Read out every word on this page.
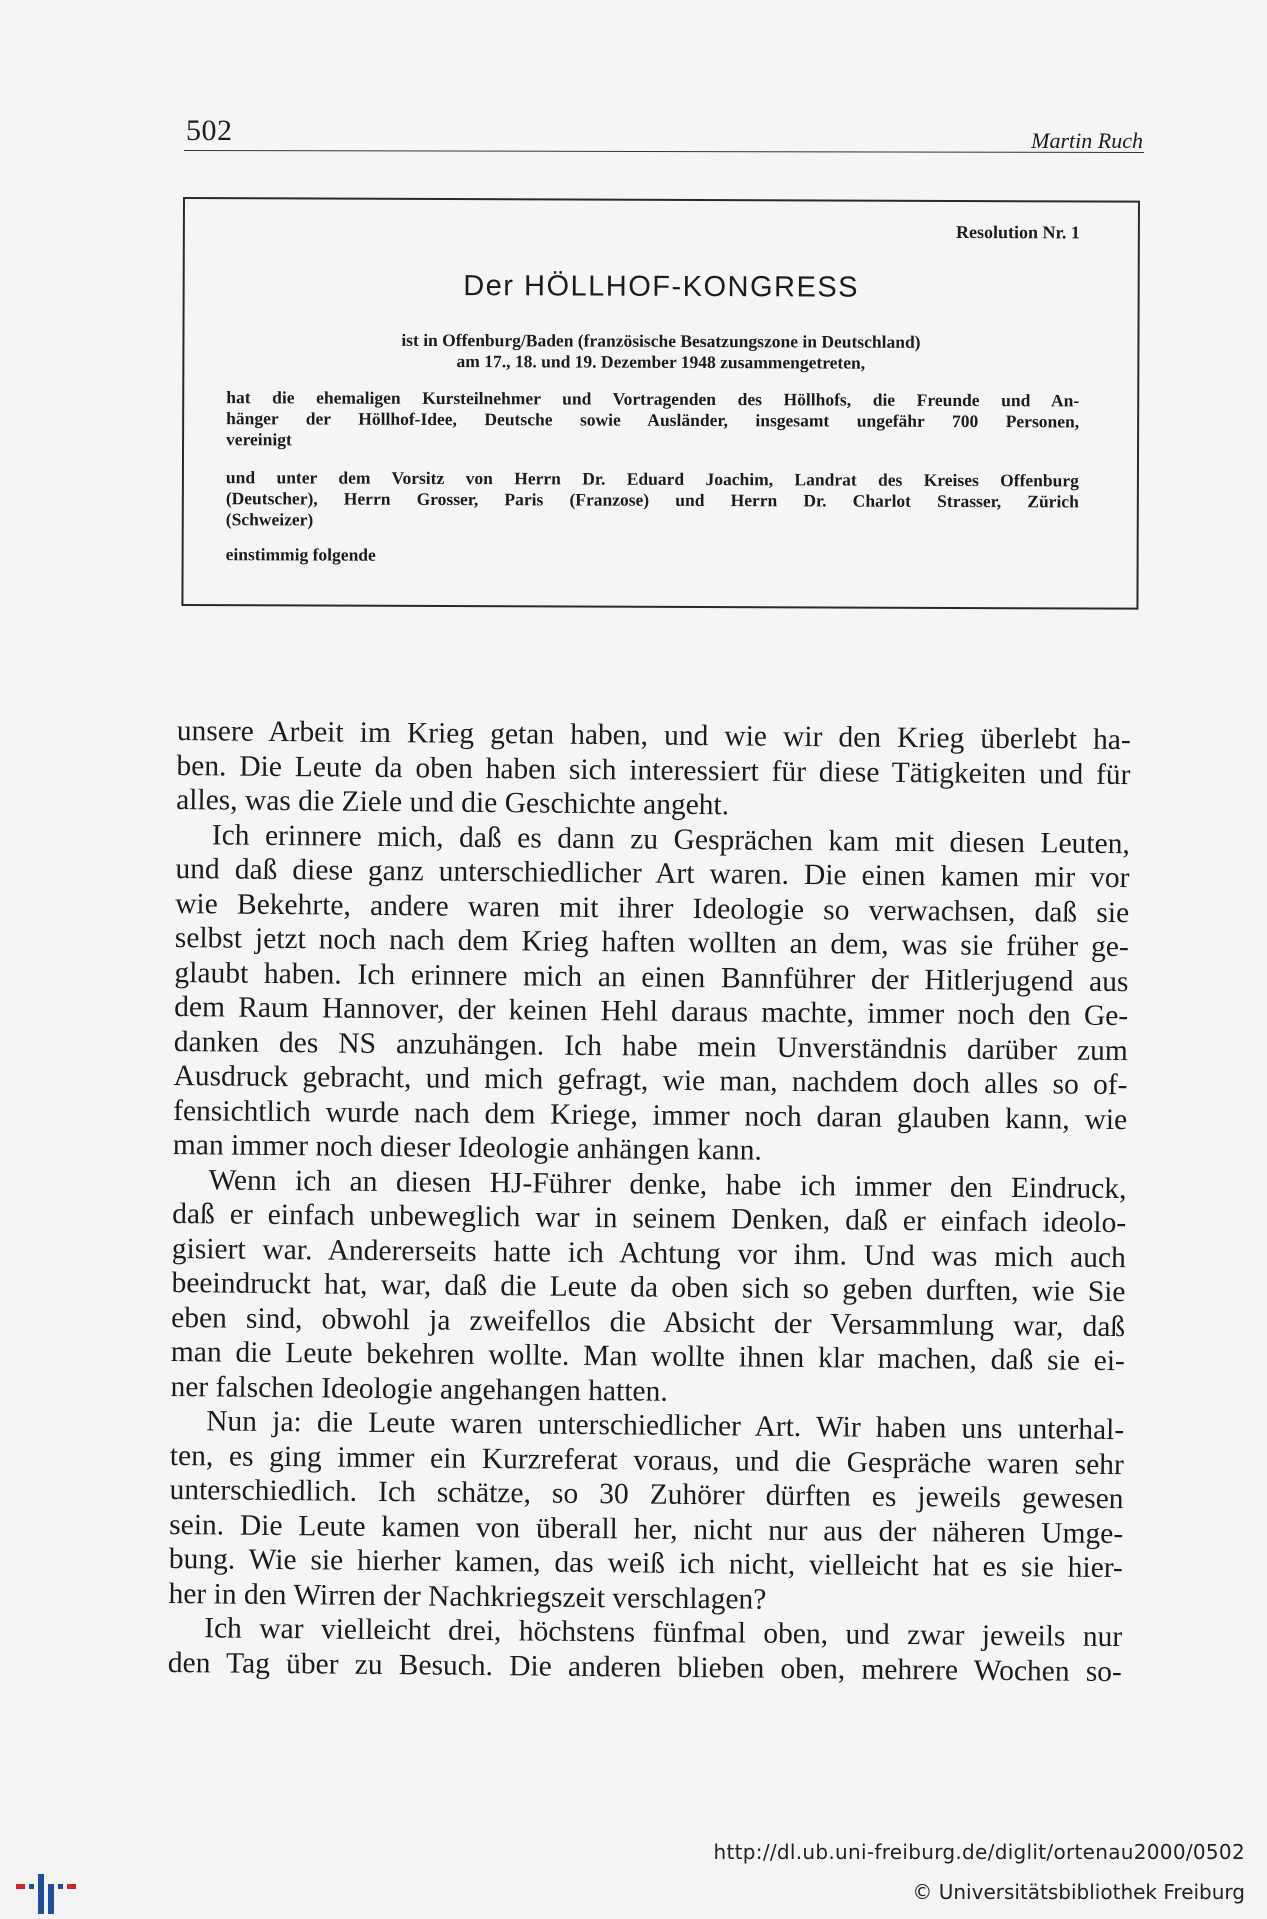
502	Martin Ruch
Resolution Nr. 1
Der HÖLLHOF-KONGRESS
ist in Offenburg/Baden (französische Besatzungszone in Deutschland)
am 17., 18. und 19. Dezember 1948 zusammengetreten,
hat die ehemaligen Kursteilnehmer und Vortragenden des Höllhofs, die Freunde und An-
hänger der Höllhof-Idee, Deutsche sowie Ausländer, insgesamt ungefähr 700 Personen,
vereinigt
und unter dem Vorsitz von Herrn Dr. Eduard Joachim, Landrat des Kreises Offenburg
(Deutscher), Herrn Grosser, Paris (Franzose) und Herrn Dr. Charlot Strasser, Zürich
(Schweizer)
einstimmig folgende
unsere Arbeit im Krieg getan haben, und wie wir den Krieg überlebt ha-
ben. Die Leute da oben haben sich interessiert für diese Tätigkeiten und für
alles, was die Ziele und die Geschichte angeht.
Ich erinnere mich, daß es dann zu Gesprächen kam mit diesen Leuten,
und daß diese ganz unterschiedlicher Art waren. Die einen kamen mir vor
wie Bekehrte, andere waren mit ihrer Ideologie so verwachsen, daß sie
selbst jetzt noch nach dem Krieg haften wollten an dem, was sie früher ge-
glaubt haben. Ich erinnere mich an einen Bannführer der Hitlerjugend aus
dem Raum Hannover, der keinen Hehl daraus machte, immer noch den Ge-
danken des NS anzuhängen. Ich habe mein Unverständnis darüber zum
Ausdruck gebracht, und mich gefragt, wie man, nachdem doch alles so of-
fensichtlich wurde nach dem Kriege, immer noch daran glauben kann, wie
man immer noch dieser Ideologie anhängen kann.
Wenn ich an diesen HJ-Führer denke, habe ich immer den Eindruck,
daß er einfach unbeweglich war in seinem Denken, daß er einfach ideolo-
gisiert war. Andererseits hatte ich Achtung vor ihm. Und was mich auch
beeindruckt hat, war, daß die Leute da oben sich so geben durften, wie Sie
eben sind, obwohl ja zweifellos die Absicht der Versammlung war, daß
man die Leute bekehren wollte. Man wollte ihnen klar machen, daß sie ei-
ner falschen Ideologie angehangen hatten.
Nun ja: die Leute waren unterschiedlicher Art. Wir haben uns unterhal-
ten, es ging immer ein Kurzreferat voraus, und die Gespräche waren sehr
unterschiedlich. Ich schätze, so 30 Zuhörer dürften es jeweils gewesen
sein. Die Leute kamen von überall her, nicht nur aus der näheren Umge-
bung. Wie sie hierher kamen, das weiß ich nicht, vielleicht hat es sie hier-
her in den Wirren der Nachkriegszeit verschlagen?
Ich war vielleicht drei, höchstens fünfmal oben, und zwar jeweils nur
den Tag über zu Besuch. Die anderen blieben oben, mehrere Wochen so-
http://dl.ub.uni-freiburg.de/diglit/ortenau2000/0502
© Universitätsbibliothek Freiburg
